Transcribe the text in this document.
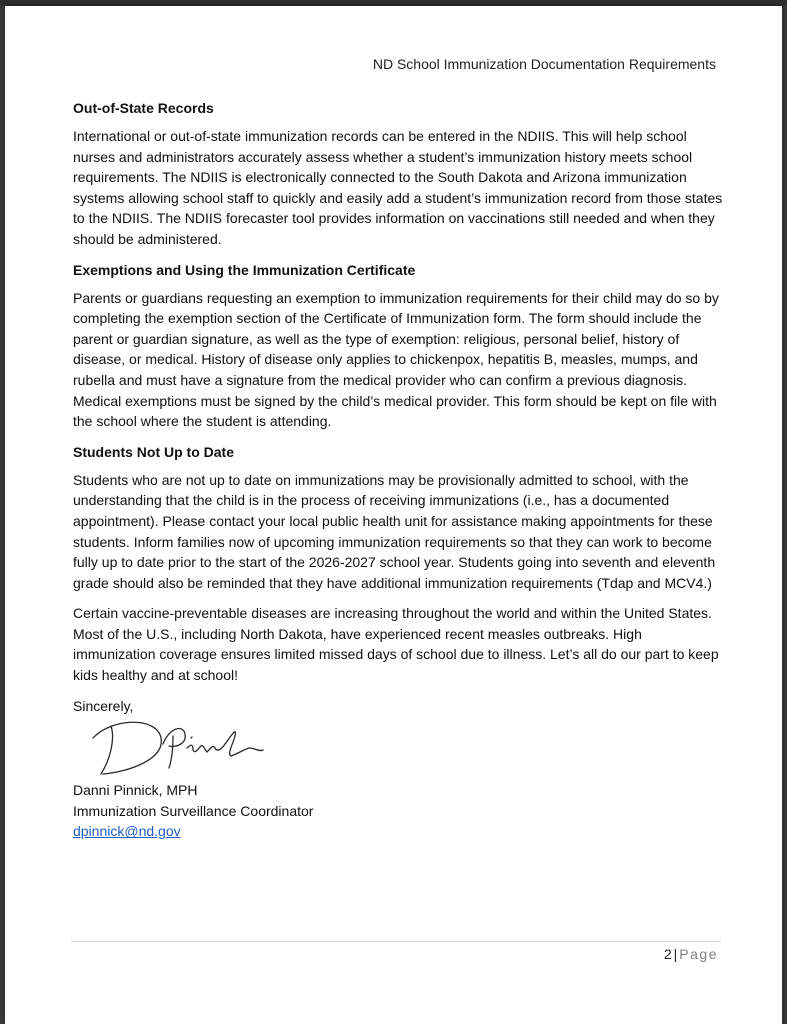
ND School Immunization Documentation Requirements

Out-of-State Records

International or out-of-state immunization records can be entered in the NDIIS. This will help school nurses and administrators accurately assess whether a student’s immunization history meets school requirements. The NDIIS is electronically connected to the South Dakota and Arizona immunization systems allowing school staff to quickly and easily add a student’s immunization record from those states to the NDIIS. The NDIIS forecaster tool provides information on vaccinations still needed and when they should be administered.

Exemptions and Using the Immunization Certificate

Parents or guardians requesting an exemption to immunization requirements for their child may do so by completing the exemption section of the Certificate of Immunization form. The form should include the parent or guardian signature, as well as the type of exemption: religious, personal belief, history of disease, or medical. History of disease only applies to chickenpox, hepatitis B, measles, mumps, and rubella and must have a signature from the medical provider who can confirm a previous diagnosis. Medical exemptions must be signed by the child’s medical provider. This form should be kept on file with the school where the student is attending.

Students Not Up to Date

Students who are not up to date on immunizations may be provisionally admitted to school, with the understanding that the child is in the process of receiving immunizations (i.e., has a documented appointment). Please contact your local public health unit for assistance making appointments for these students. Inform families now of upcoming immunization requirements so that they can work to become fully up to date prior to the start of the 2026-2027 school year. Students going into seventh and eleventh grade should also be reminded that they have additional immunization requirements (Tdap and MCV4.)

Certain vaccine-preventable diseases are increasing throughout the world and within the United States. Most of the U.S., including North Dakota, have experienced recent measles outbreaks. High immunization coverage ensures limited missed days of school due to illness. Let’s all do our part to keep kids healthy and at school!

Sincerely,

Danni Pinnick, MPH

Immunization Surveillance Coordinator

dpinnick@nd.gov

2 | Page
